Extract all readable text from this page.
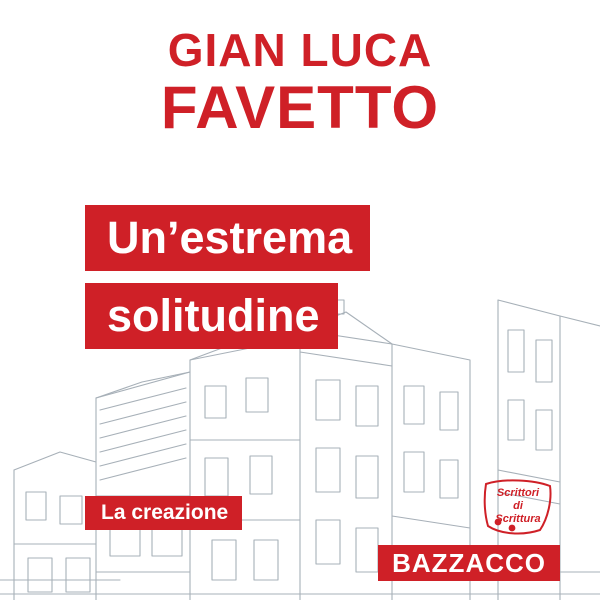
GIAN LUCA
FAVETTO
Un’estrema
solitudine
La creazione
Scrittori
di
Scrittura
BAZZACCO
